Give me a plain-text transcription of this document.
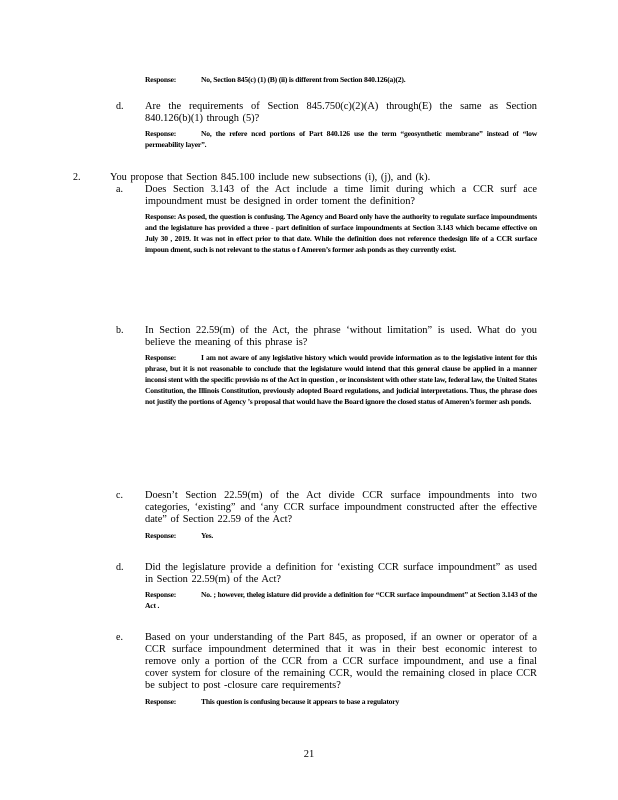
Response:	No, Section 845(c) (1) (B) (ii) is different from Section 840.126(a)(2).
d. Are the requirements of Section 845.750(c)(2)(A) through(E) the same as Section 840.126(b)(1) through (5)?
Response:	No, the refere nced portions of Part 840.126 use the term “geosynthetic membrane” instead of “low permeability layer”.
2.	You propose that Section 845.100 include new subsections (i), (j), and (k).
a. Does Section 3.143 of the Act include a time limit during which a CCR surf ace impoundment must be designed in order toment the definition?
Response: As posed, the question is confusing. The Agency and Board only have the authority to regulate surface impoundments and the legislature has provided a three - part definition of surface impoundments at Section 3.143 which became effective on July 30 , 2019. It was not in effect prior to that date. While the definition does not reference thedesign life of a CCR surface impoun dment, such is not relevant to the status o f Ameren’s former ash ponds as they currently exist.
b. In Section 22.59(m) of the Act, the phrase ‘without limitation” is used. What do you believe the meaning of this phrase is?
Response:	I am not aware of any legislative history which would provide information as to the legislative intent for this phrase, but it is not reasonable to conclude that the legislature would intend that this general clause be applied in a manner inconsi stent with the specific provisio ns of the Act in question , or inconsistent with other state law, federal law, the United States Constitution, the Illinois Constitution, previously adopted Board regulations, and judicial interpretations. Thus, the phrase does not justify the portions of Agency ’s proposal that would have the Board ignore the closed status of Ameren’s former ash ponds.
c. Doesn’t Section 22.59(m) of the Act divide CCR surface impoundments into two categories, ‘existing” and ‘any CCR surface impoundment constructed after the effective date” of Section 22.59 of the Act?
Response:	Yes.
d. Did the legislature provide a definition for ‘existing CCR surface impoundment” as used in Section 22.59(m) of the Act?
Response:	No. ; however, theleg islature did provide a definition for “CCR surface impoundment” at Section 3.143 of the Act .
e. Based on your understanding of the Part 845, as proposed, if an owner or operator of a CCR surface impoundment determined that it was in their best economic interest to remove only a portion of the CCR from a CCR surface impoundment, and use a final cover system for closure of the remaining CCR, would the remaining closed in place CCR be subject to post -closure care requirements?
Response:	This question is confusing because it appears to base a regulatory
21
